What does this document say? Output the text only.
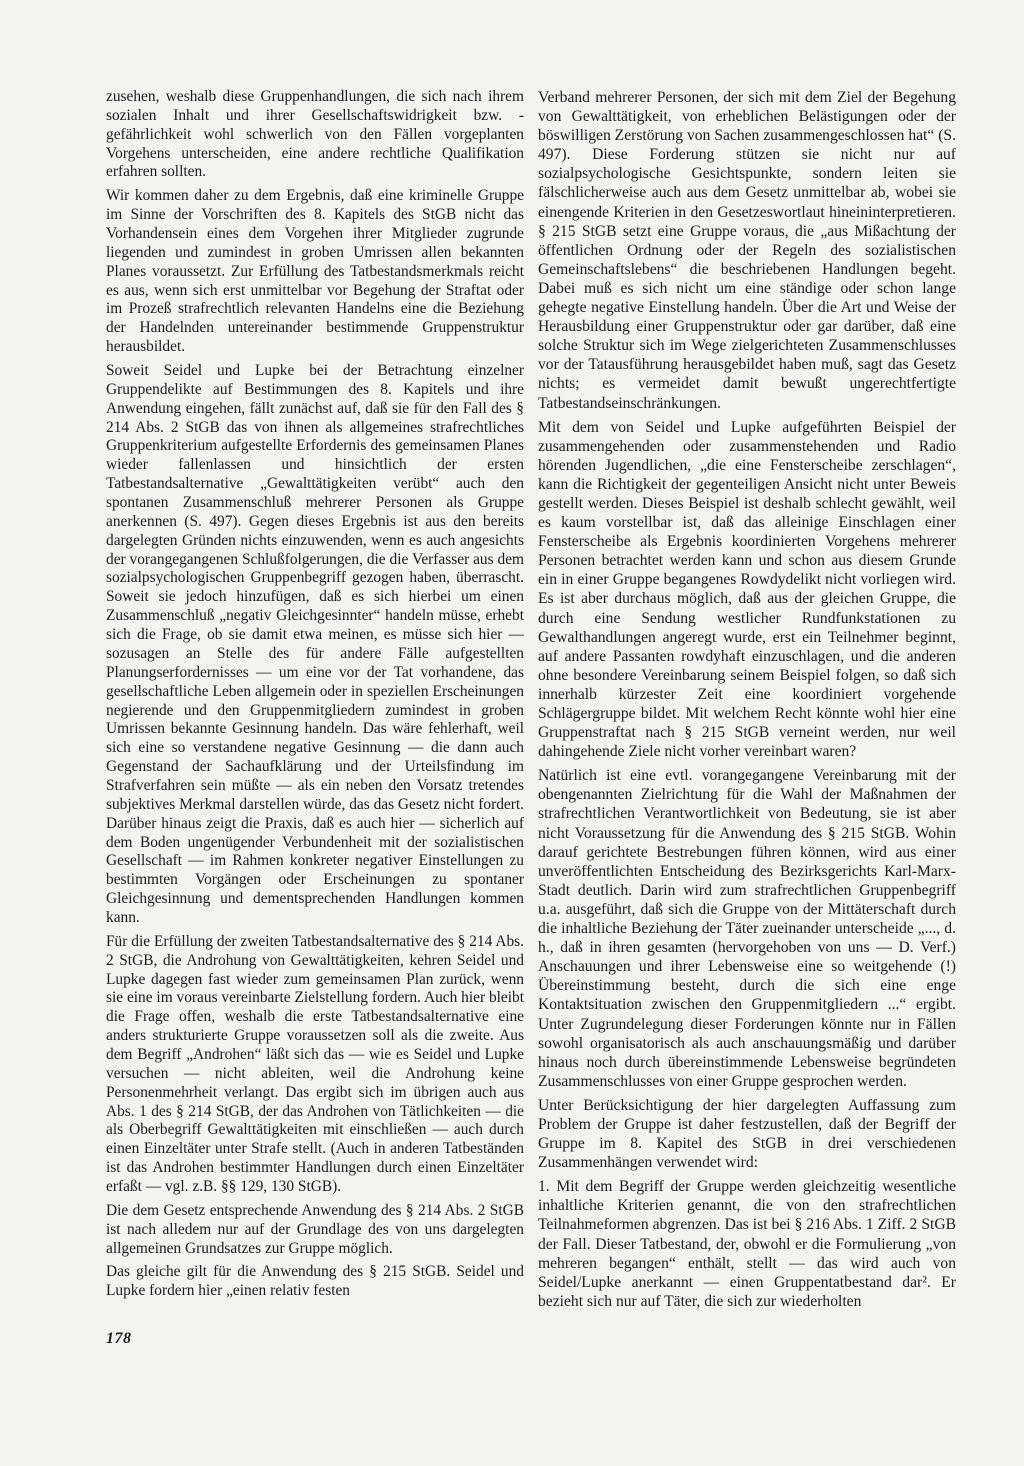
zusehen, weshalb diese Gruppenhandlungen, die sich nach ihrem sozialen Inhalt und ihrer Gesellschaftswidrigkeit bzw. -gefährlichkeit wohl schwerlich von den Fällen vorgeplanten Vorgehens unterscheiden, eine andere rechtliche Qualifikation erfahren sollten.

Wir kommen daher zu dem Ergebnis, daß eine kriminelle Gruppe im Sinne der Vorschriften des 8. Kapitels des StGB nicht das Vorhandensein eines dem Vorgehen ihrer Mitglieder zugrunde liegenden und zumindest in groben Umrissen allen bekannten Planes voraussetzt. Zur Erfüllung des Tatbestandsmerkmals reicht es aus, wenn sich erst unmittelbar vor Begehung der Straftat oder im Prozeß strafrechtlich relevanten Handelns eine die Beziehung der Handelnden untereinander bestimmende Gruppenstruktur herausbildet.

Soweit Seidel und Lupke bei der Betrachtung einzelner Gruppendelikte auf Bestimmungen des 8. Kapitels und ihre Anwendung eingehen, fällt zunächst auf, daß sie für den Fall des § 214 Abs. 2 StGB das von ihnen als allgemeines strafrechtliches Gruppenkriterium aufgestellte Erfordernis des gemeinsamen Planes wieder fallenlassen und hinsichtlich der ersten Tatbestandsalternative „Gewalttätigkeiten verübt“ auch den spontanen Zusammenschluß mehrerer Personen als Gruppe anerkennen (S. 497). Gegen dieses Ergebnis ist aus den bereits dargelegten Gründen nichts einzuwenden, wenn es auch angesichts der vorangegangenen Schlußfolgerungen, die die Verfasser aus dem sozialpsychologischen Gruppenbegriff gezogen haben, überrascht. Soweit sie jedoch hinzufügen, daß es sich hierbei um einen Zusammenschluß „negativ Gleichgesinnter“ handeln müsse, erhebt sich die Frage, ob sie damit etwa meinen, es müsse sich hier — sozusagen an Stelle des für andere Fälle aufgestellten Planungserfordernisses — um eine vor der Tat vorhandene, das gesellschaftliche Leben allgemein oder in speziellen Erscheinungen negierende und den Gruppenmitgliedern zumindest in groben Umrissen bekannte Gesinnung handeln. Das wäre fehlerhaft, weil sich eine so verstandene negative Gesinnung — die dann auch Gegenstand der Sachaufklärung und der Urteilsfindung im Strafverfahren sein müßte — als ein neben den Vorsatz tretendes subjektives Merkmal darstellen würde, das das Gesetz nicht fordert. Darüber hinaus zeigt die Praxis, daß es auch hier — sicherlich auf dem Boden ungenügender Verbundenheit mit der sozialistischen Gesellschaft — im Rahmen konkreter negativer Einstellungen zu bestimmten Vorgängen oder Erscheinungen zu spontaner Gleichgesinnung und dementsprechenden Handlungen kommen kann.

Für die Erfüllung der zweiten Tatbestandsalternative des § 214 Abs. 2 StGB, die Androhung von Gewalttätigkeiten, kehren Seidel und Lupke dagegen fast wieder zum gemeinsamen Plan zurück, wenn sie eine im voraus vereinbarte Zielstellung fordern. Auch hier bleibt die Frage offen, weshalb die erste Tatbestandsalternative eine anders strukturierte Gruppe voraussetzen soll als die zweite. Aus dem Begriff „Androhen“ läßt sich das — wie es Seidel und Lupke versuchen — nicht ableiten, weil die Androhung keine Personenmehrheit verlangt. Das ergibt sich im übrigen auch aus Abs. 1 des § 214 StGB, der das Androhen von Tätlichkeiten — die als Oberbegriff Gewalttätigkeiten mit einschließen — auch durch einen Einzeltäter unter Strafe stellt. (Auch in anderen Tatbeständen ist das Androhen bestimmter Handlungen durch einen Einzeltäter erfaßt — vgl. z.B. §§ 129, 130 StGB).

Die dem Gesetz entsprechende Anwendung des § 214 Abs. 2 StGB ist nach alledem nur auf der Grundlage des von uns dargelegten allgemeinen Grundsatzes zur Gruppe möglich.

Das gleiche gilt für die Anwendung des § 215 StGB. Seidel und Lupke fordern hier „einen relativ festen

Verband mehrerer Personen, der sich mit dem Ziel der Begehung von Gewalttätigkeit, von erheblichen Belästigungen oder der böswilligen Zerstörung von Sachen zusammengeschlossen hat“ (S. 497). Diese Forderung stützen sie nicht nur auf sozialpsychologische Gesichtspunkte, sondern leiten sie fälschlicherweise auch aus dem Gesetz unmittelbar ab, wobei sie einengende Kriterien in den Gesetzeswortlaut hineininterpretieren. § 215 StGB setzt eine Gruppe voraus, die „aus Mißachtung der öffentlichen Ordnung oder der Regeln des sozialistischen Gemeinschaftslebens“ die beschriebenen Handlungen begeht. Dabei muß es sich nicht um eine ständige oder schon lange gehegte negative Einstellung handeln. Über die Art und Weise der Herausbildung einer Gruppenstruktur oder gar darüber, daß eine solche Struktur sich im Wege zielgerichteten Zusammenschlusses vor der Tatausführung herausgebildet haben muß, sagt das Gesetz nichts; es vermeidet damit bewußt ungerechtfertigte Tatbestandseinschränkungen.

Mit dem von Seidel und Lupke aufgeführten Beispiel der zusammengehenden oder zusammenstehenden und Radio hörenden Jugendlichen, „die eine Fensterscheibe zerschlagen“, kann die Richtigkeit der gegenteiligen Ansicht nicht unter Beweis gestellt werden. Dieses Beispiel ist deshalb schlecht gewählt, weil es kaum vorstellbar ist, daß das alleinige Einschlagen einer Fensterscheibe als Ergebnis koordinierten Vorgehens mehrerer Personen betrachtet werden kann und schon aus diesem Grunde ein in einer Gruppe begangenes Rowdydelikt nicht vorliegen wird. Es ist aber durchaus möglich, daß aus der gleichen Gruppe, die durch eine Sendung westlicher Rundfunkstationen zu Gewalthandlungen angeregt wurde, erst ein Teilnehmer beginnt, auf andere Passanten rowdyhaft einzuschlagen, und die anderen ohne besondere Vereinbarung seinem Beispiel folgen, so daß sich innerhalb kürzester Zeit eine koordiniert vorgehende Schlägergruppe bildet. Mit welchem Recht könnte wohl hier eine Gruppenstraftat nach § 215 StGB verneint werden, nur weil dahingehende Ziele nicht vorher vereinbart waren?

Natürlich ist eine evtl. vorangegangene Vereinbarung mit der obengenannten Zielrichtung für die Wahl der Maßnahmen der strafrechtlichen Verantwortlichkeit von Bedeutung, sie ist aber nicht Voraussetzung für die Anwendung des § 215 StGB. Wohin darauf gerichtete Bestrebungen führen können, wird aus einer unveröffentlichten Entscheidung des Bezirksgerichts Karl-Marx-Stadt deutlich. Darin wird zum strafrechtlichen Gruppenbegriff u.a. ausgeführt, daß sich die Gruppe von der Mittäterschaft durch die inhaltliche Beziehung der Täter zueinander unterscheide „..., d. h., daß in ihren gesamten (hervorgehoben von uns — D. Verf.) Anschauungen und ihrer Lebensweise eine so weitgehende (!) Übereinstimmung besteht, durch die sich eine enge Kontaktsituation zwischen den Gruppenmitgliedern ...“ ergibt. Unter Zugrundelegung dieser Forderungen könnte nur in Fällen sowohl organisatorisch als auch anschauungsmäßig und darüber hinaus noch durch übereinstimmende Lebensweise begründeten Zusammenschlusses von einer Gruppe gesprochen werden.

Unter Berücksichtigung der hier dargelegten Auffassung zum Problem der Gruppe ist daher festzustellen, daß der Begriff der Gruppe im 8. Kapitel des StGB in drei verschiedenen Zusammenhängen verwendet wird:

1. Mit dem Begriff der Gruppe werden gleichzeitig wesentliche inhaltliche Kriterien genannt, die von den strafrechtlichen Teilnahmeformen abgrenzen. Das ist bei § 216 Abs. 1 Ziff. 2 StGB der Fall. Dieser Tatbestand, der, obwohl er die Formulierung „von mehreren begangen“ enthält, stellt — das wird auch von Seidel/Lupke anerkannt — einen Gruppentatbestand dar². Er bezieht sich nur auf Täter, die sich zur wiederholten

178
